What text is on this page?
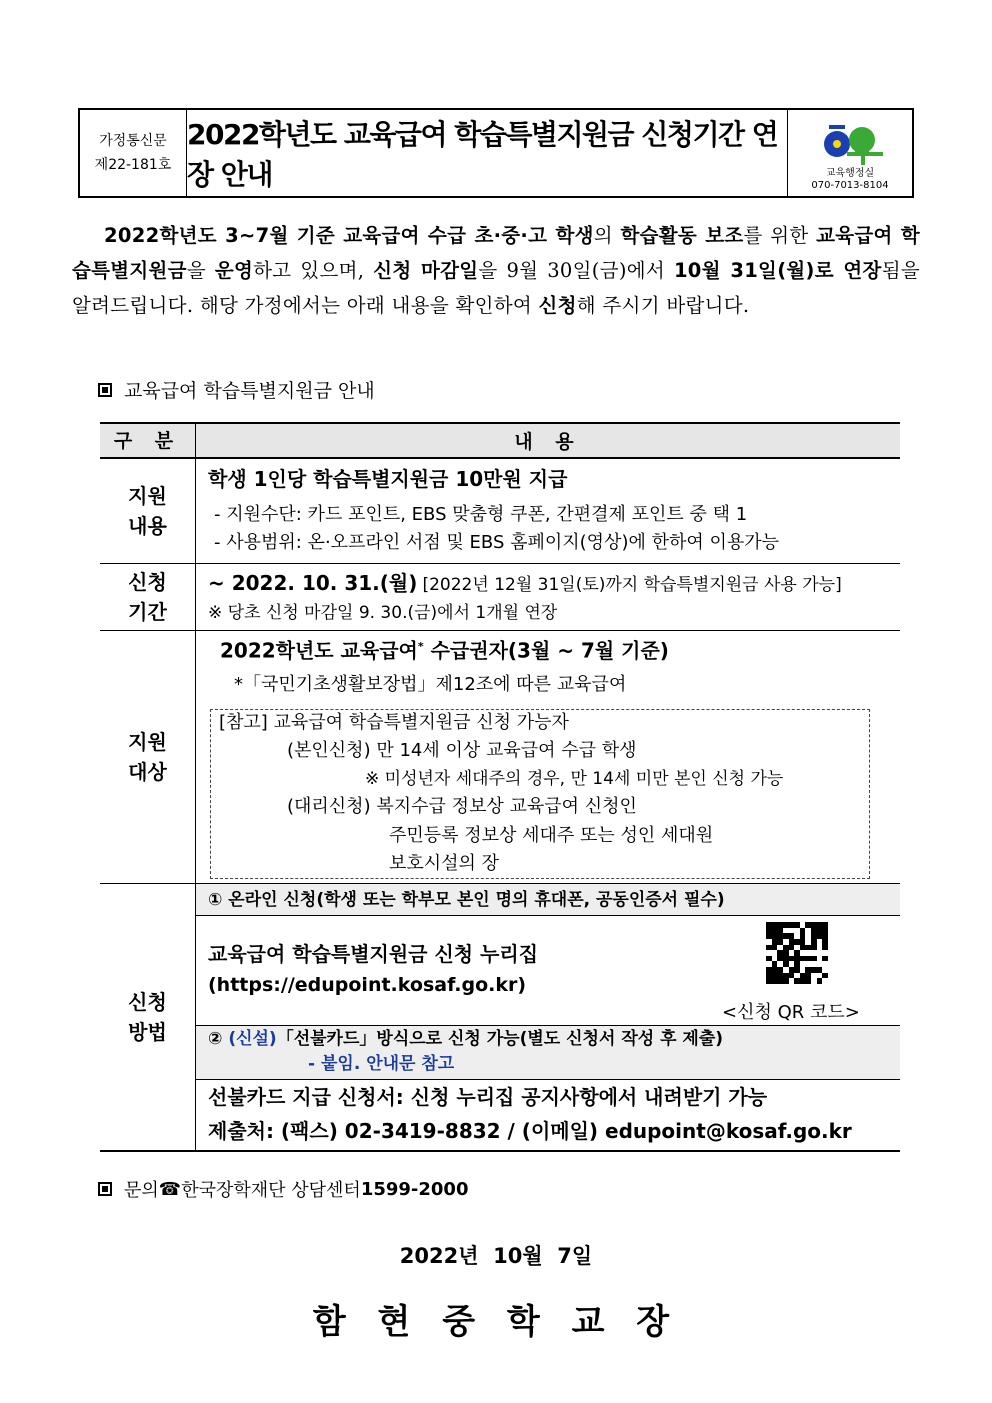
가정통신문
제22-181호
2022학년도 교육급여 학습특별지원금 신청기간 연장 안내	교육행정실
070-7013-8104
2022학년도 3~7월 기준 교육급여 수급 초·중·고 학생의 학습활동 보조를 위한 교육급여 학습특별지원금을 운영하고 있으며, 신청 마감일을 9월 30일(금)에서 10월 31일(월)로 연장됨을 알려드립니다. 해당 가정에서는 아래 내용을 확인하여 신청해 주시기 바랍니다.
교육급여 학습특별지원금 안내
구 분	내 용
지원
내용
학생 1인당 학습특별지원금 10만원 지급
- 지원수단: 카드 포인트, EBS 맞춤형 쿠폰, 간편결제 포인트 중 택 1
- 사용범위: 온·오프라인 서점 및 EBS 홈페이지(영상)에 한하여 이용가능
신청
기간
~ 2022. 10. 31.(월) [2022년 12월 31일(토)까지 학습특별지원금 사용 가능]
※ 당초 신청 마감일 9. 30.(금)에서 1개월 연장
지원
대상
2022학년도 교육급여* 수급권자(3월 ~ 7월 기준)
*「국민기초생활보장법」제12조에 따른 교육급여
[참고] 교육급여 학습특별지원금 신청 가능자
(본인신청) 만 14세 이상 교육급여 수급 학생
※ 미성년자 세대주의 경우, 만 14세 미만 본인 신청 가능
(대리신청) 복지수급 정보상 교육급여 신청인
주민등록 정보상 세대주 또는 성인 세대원
보호시설의 장
신청
방법
① 온라인 신청(학생 또는 학부모 본인 명의 휴대폰, 공동인증서 필수)
교육급여 학습특별지원금 신청 누리집
(https://edupoint.kosaf.go.kr)
<신청 QR 코드>
② (신설)「선불카드」방식으로 신청 가능(별도 신청서 작성 후 제출)
- 붙임. 안내문 참고
선불카드 지급 신청서: 신청 누리집 공지사항에서 내려받기 가능
제출처: (팩스) 02-3419-8832 / (이메일) edupoint@kosaf.go.kr
문의 ☎ 한국장학재단 상담센터 1599-2000
2022년  10월  7일
함 현 중 학 교 장
